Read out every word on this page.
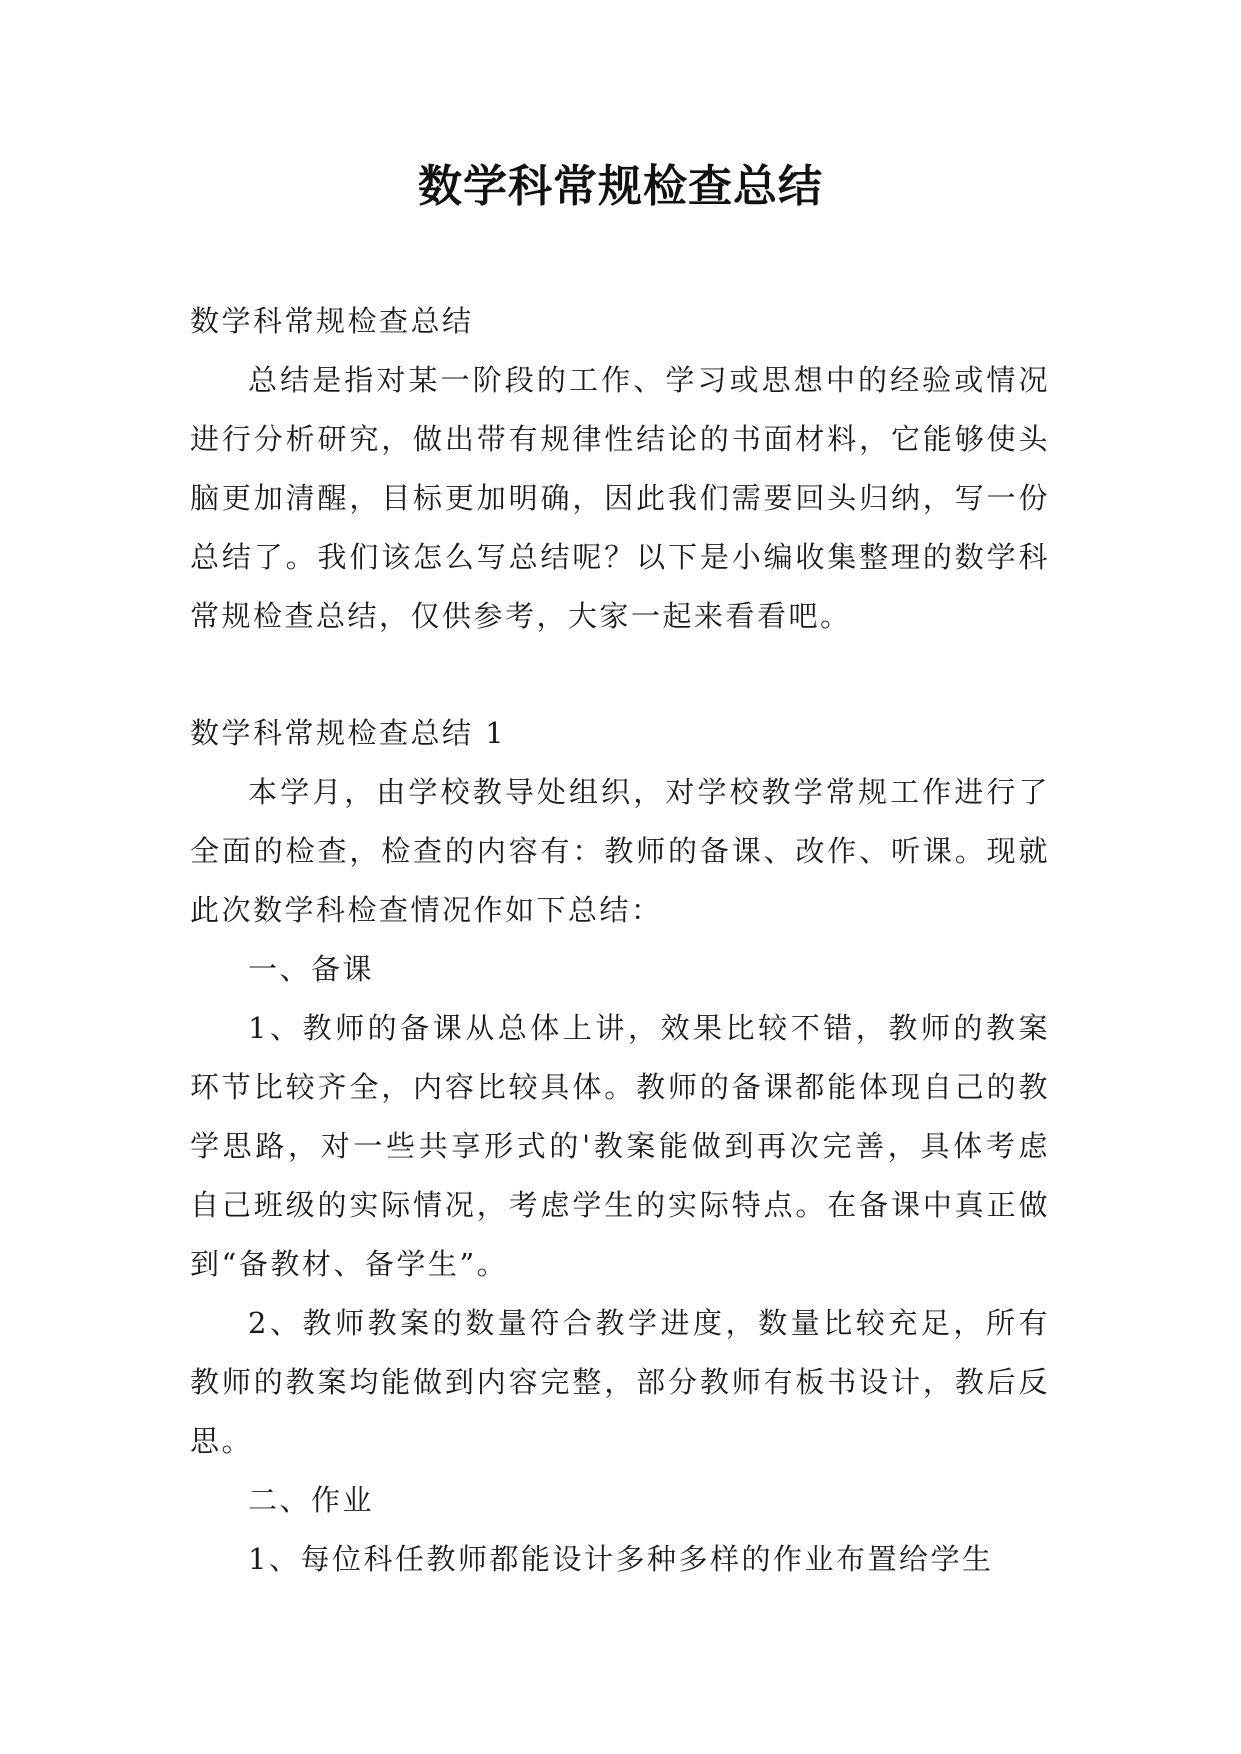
数学科常规检查总结

数学科常规检查总结

总结是指对某一阶段的工作、学习或思想中的经验或情况进行分析研究，做出带有规律性结论的书面材料，它能够使头脑更加清醒，目标更加明确，因此我们需要回头归纳，写一份总结了。我们该怎么写总结呢？以下是小编收集整理的数学科常规检查总结，仅供参考，大家一起来看看吧。

数学科常规检查总结 1

本学月，由学校教导处组织，对学校教学常规工作进行了全面的检查，检查的内容有：教师的备课、改作、听课。现就此次数学科检查情况作如下总结：

一、备课

1、教师的备课从总体上讲，效果比较不错，教师的教案环节比较齐全，内容比较具体。教师的备课都能体现自己的教学思路，对一些共享形式的'教案能做到再次完善，具体考虑自己班级的实际情况，考虑学生的实际特点。在备课中真正做到“备教材、备学生”。

2、教师教案的数量符合教学进度，数量比较充足，所有教师的教案均能做到内容完整，部分教师有板书设计，教后反思。

二、作业

1、每位科任教师都能设计多种多样的作业布置给学生
